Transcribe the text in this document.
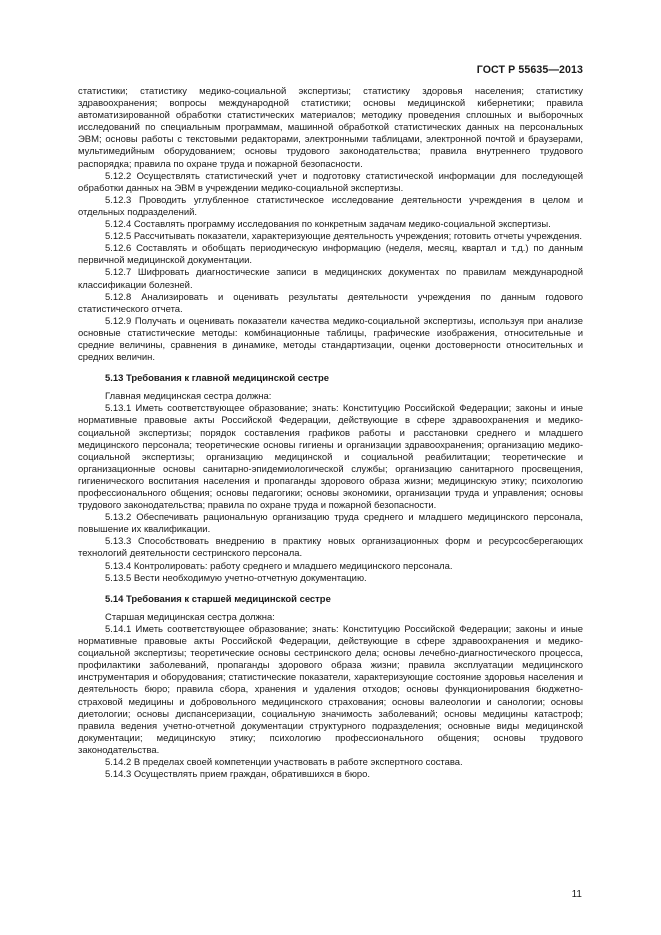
ГОСТ Р 55635—2013

статистики; статистику медико-социальной экспертизы; статистику здоровья населения; статистику здравоохранения; вопросы международной статистики; основы медицинской кибернетики; правила автоматизированной обработки статистических материалов; методику проведения сплошных и выборочных исследований по специальным программам, машинной обработкой статистических данных на персональных ЭВМ; основы работы с текстовыми редакторами, электронными таблицами, электронной почтой и браузерами, мультимедийным оборудованием; основы трудового законодательства; правила внутреннего трудового распорядка; правила по охране труда и пожарной безопасности.

5.12.2 Осуществлять статистический учет и подготовку статистической информации для последующей обработки данных на ЭВМ в учреждении медико-социальной экспертизы.

5.12.3 Проводить углубленное статистическое исследование деятельности учреждения в целом и отдельных подразделений.

5.12.4 Составлять программу исследования по конкретным задачам медико-социальной экспертизы.

5.12.5 Рассчитывать показатели, характеризующие деятельность учреждения; готовить отчеты учреждения.

5.12.6 Составлять и обобщать периодическую информацию (неделя, месяц, квартал и т.д.) по данным первичной медицинской документации.

5.12.7 Шифровать диагностические записи в медицинских документах по правилам международной классификации болезней.

5.12.8 Анализировать и оценивать результаты деятельности учреждения по данным годового статистического отчета.

5.12.9 Получать и оценивать показатели качества медико-социальной экспертизы, используя при анализе основные статистические методы: комбинационные таблицы, графические изображения, относительные и средние величины, сравнения в динамике, методы стандартизации, оценки достоверности относительных и средних величин.

5.13 Требования к главной медицинской сестре

Главная медицинская сестра должна:

5.13.1 Иметь соответствующее образование; знать: Конституцию Российской Федерации; законы и иные нормативные правовые акты Российской Федерации, действующие в сфере здравоохранения и медико-социальной экспертизы; порядок составления графиков работы и расстановки среднего и младшего медицинского персонала; теоретические основы гигиены и организации здравоохранения; организацию медико-социальной экспертизы; организацию медицинской и социальной реабилитации; теоретические и организационные основы санитарно-эпидемиологической службы; организацию санитарного просвещения, гигиенического воспитания населения и пропаганды здорового образа жизни; медицинскую этику; психологию профессионального общения; основы педагогики; основы экономики, организации труда и управления; основы трудового законодательства; правила по охране труда и пожарной безопасности.

5.13.2 Обеспечивать рациональную организацию труда среднего и младшего медицинского персонала, повышение их квалификации.

5.13.3 Способствовать внедрению в практику новых организационных форм и ресурсосберегающих технологий деятельности сестринского персонала.

5.13.4 Контролировать: работу среднего и младшего медицинского персонала.

5.13.5 Вести необходимую учетно-отчетную документацию.

5.14 Требования к старшей медицинской сестре

Старшая медицинская сестра должна:

5.14.1 Иметь соответствующее образование; знать: Конституцию Российской Федерации; законы и иные нормативные правовые акты Российской Федерации, действующие в сфере здравоохранения и медико-социальной экспертизы; теоретические основы сестринского дела; основы лечебно-диагностического процесса, профилактики заболеваний, пропаганды здорового образа жизни; правила эксплуатации медицинского инструментария и оборудования; статистические показатели, характеризующие состояние здоровья населения и деятельность бюро; правила сбора, хранения и удаления отходов; основы функционирования бюджетно-страховой медицины и добровольного медицинского страхования; основы валеологии и санологии; основы диетологии; основы диспансеризации, социальную значимость заболеваний; основы медицины катастроф; правила ведения учетно-отчетной документации структурного подразделения; основные виды медицинской документации; медицинскую этику; психологию профессионального общения; основы трудового законодательства.

5.14.2 В пределах своей компетенции участвовать в работе экспертного состава.

5.14.3 Осуществлять прием граждан, обратившихся в бюро.

11
